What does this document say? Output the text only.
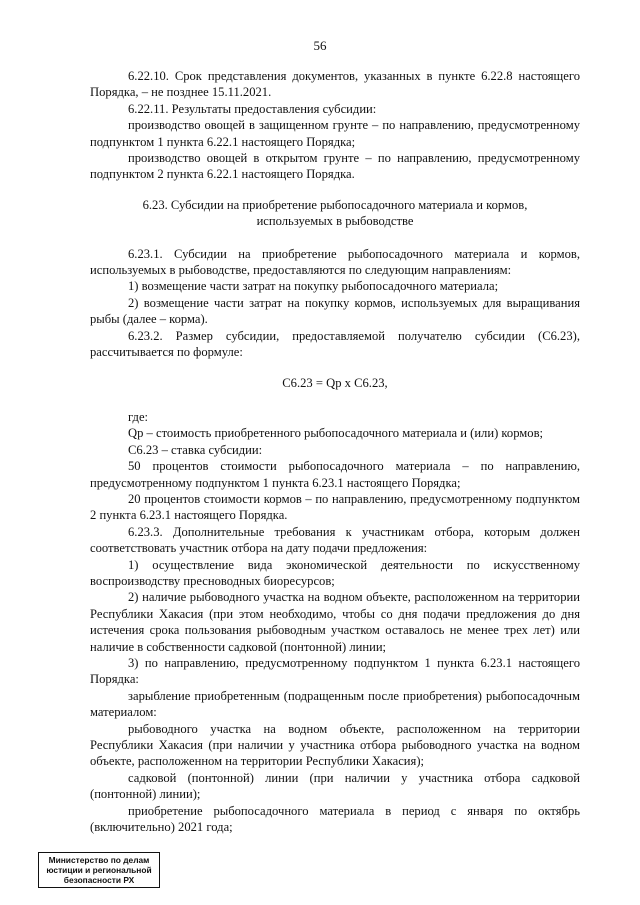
56

6.22.10. Срок представления документов, указанных в пункте 6.22.8 настоящего Порядка, – не позднее 15.11.2021.

6.22.11. Результаты предоставления субсидии:

производство овощей в защищенном грунте – по направлению, предусмотренному подпунктом 1 пункта 6.22.1 настоящего Порядка;

производство овощей в открытом грунте – по направлению, предусмотренному подпунктом 2 пункта 6.22.1 настоящего Порядка.

6.23. Субсидии на приобретение рыбопосадочного материала и кормов,
используемых в рыбоводстве

6.23.1. Субсидии на приобретение рыбопосадочного материала и кормов, используемых в рыбоводстве, предоставляются по следующим направлениям:

1) возмещение части затрат на покупку рыбопосадочного материала;

2) возмещение части затрат на покупку кормов, используемых для выращивания рыбы (далее – корма).

6.23.2. Размер субсидии, предоставляемой получателю субсидии (С6.23), рассчитывается по формуле:

С6.23 = Qр х С6.23,

где:

Qр – стоимость приобретенного рыбопосадочного материала и (или) кормов;

С6.23 – ставка субсидии:

50 процентов стоимости рыбопосадочного материала – по направлению, предусмотренному подпунктом 1 пункта 6.23.1 настоящего Порядка;

20 процентов стоимости кормов – по направлению, предусмотренному подпунктом 2 пункта 6.23.1 настоящего Порядка.

6.23.3. Дополнительные требования к участникам отбора, которым должен соответствовать участник отбора на дату подачи предложения:

1) осуществление вида экономической деятельности по искусственному воспроизводству пресноводных биоресурсов;

2) наличие рыбоводного участка на водном объекте, расположенном на территории Республики Хакасия (при этом необходимо, чтобы со дня подачи предложения до дня истечения срока пользования рыбоводным участком оставалось не менее трех лет) или наличие в собственности садковой (понтонной) линии;

3) по направлению, предусмотренному подпунктом 1 пункта 6.23.1 настоящего Порядка:

зарыбление приобретенным (подращенным после приобретения) рыбопосадочным материалом:

рыбоводного участка на водном объекте, расположенном на территории Республики Хакасия (при наличии у участника отбора рыбоводного участка на водном объекте, расположенном на территории Республики Хакасия);

садковой (понтонной) линии (при наличии у участника отбора садковой (понтонной) линии);

приобретение рыбопосадочного материала в период с января по октябрь (включительно) 2021 года;

Министерство по делам
юстиции и региональной
безопасности РХ
